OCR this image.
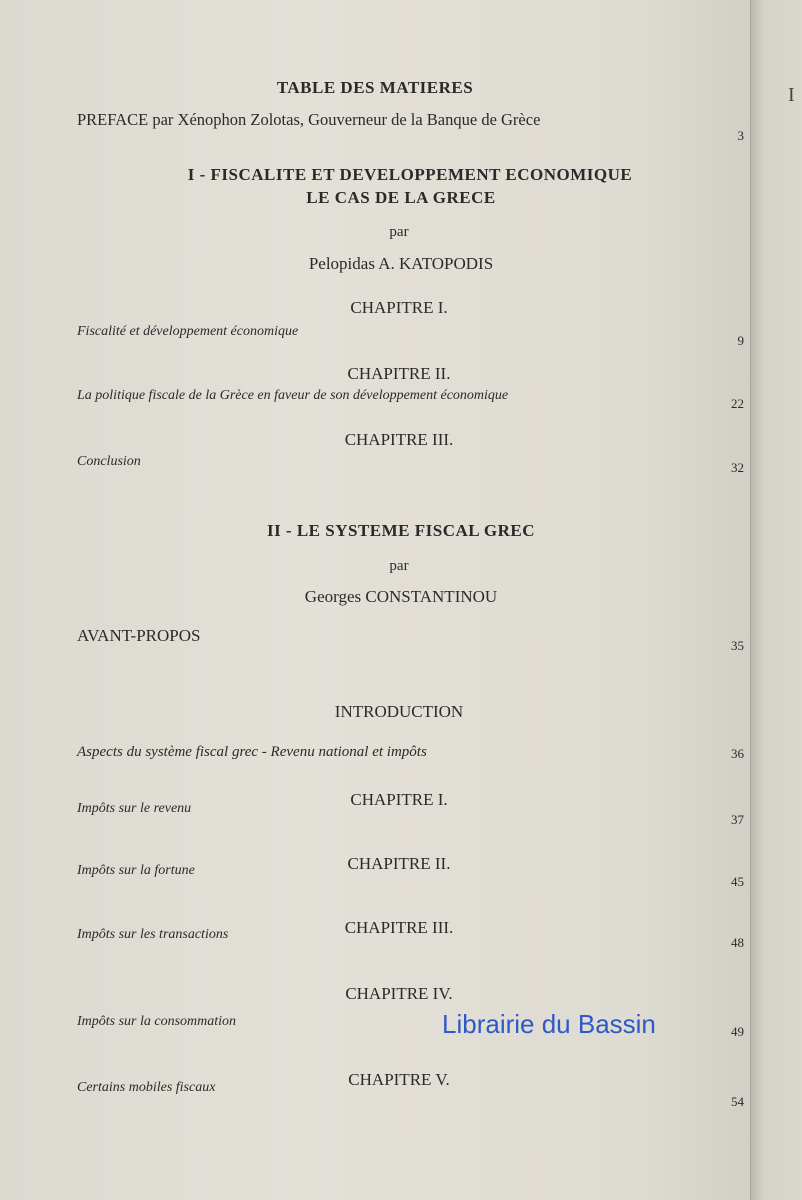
TABLE DES MATIERES
PREFACE par Xénophon Zolotas, Gouverneur de la Banque de Grèce
3
I - FISCALITE ET DEVELOPPEMENT ECONOMIQUE
LE CAS DE LA GRECE
par
Pelopidas A. KATOPODIS
CHAPITRE I.
Fiscalité et développement économique
9
CHAPITRE II.
La politique fiscale de la Grèce en faveur de son développement économique
22
CHAPITRE III.
Conclusion	32
II - LE SYSTEME FISCAL GREC
par
Georges CONSTANTINOU
AVANT-PROPOS
35
INTRODUCTION
Aspects du système fiscal grec - Revenu national et impôts	36
CHAPITRE I.
Impôts sur le revenu
37
CHAPITRE II.
Impôts sur la fortune
45
CHAPITRE III.
Impôts sur les transactions
48
CHAPITRE IV.
Impôts sur la consommation
49
CHAPITRE V.
Certains mobiles fiscaux
54
I
Librairie du Bassin
